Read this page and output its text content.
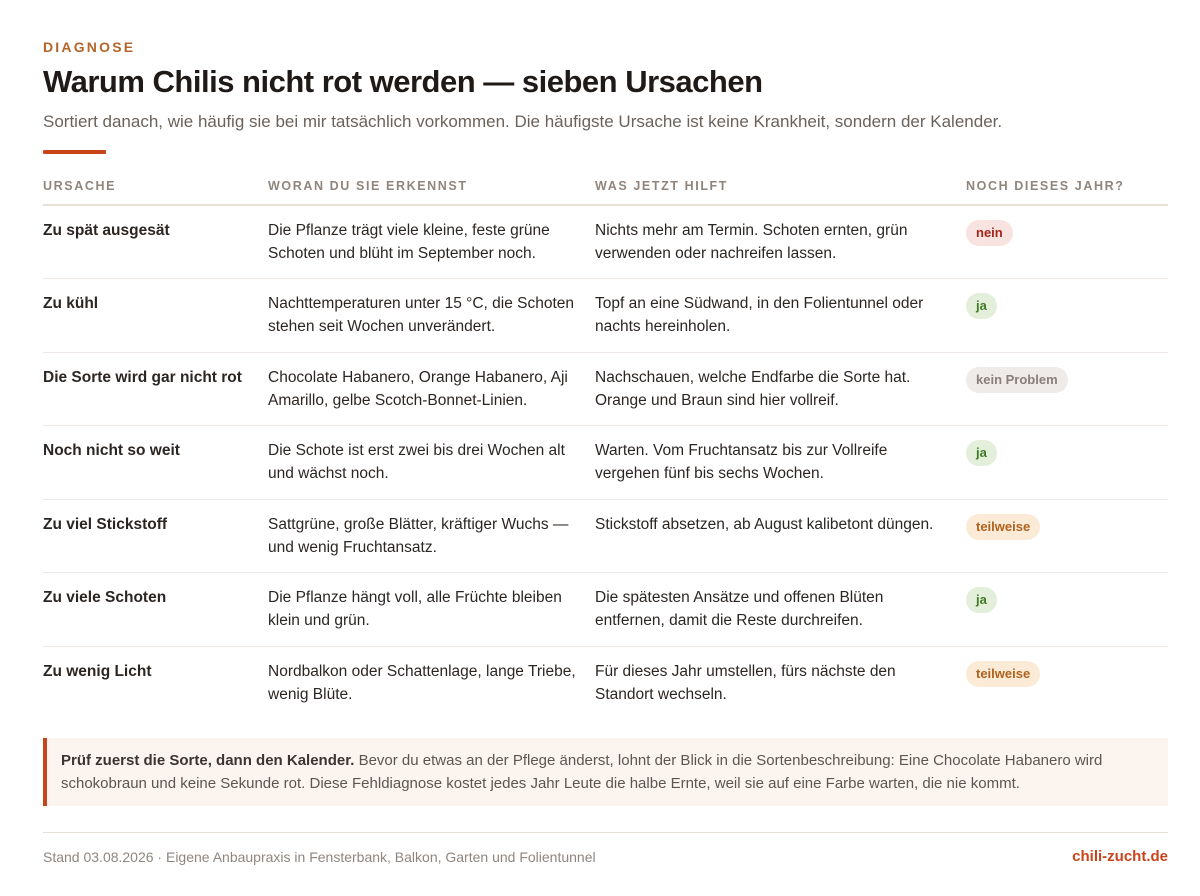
DIAGNOSE
Warum Chilis nicht rot werden — sieben Ursachen

Sortiert danach, wie häufig sie bei mir tatsächlich vorkommen. Die häufigste Ursache ist keine Krankheit, sondern der Kalender.

URSACHE	WORAN DU SIE ERKENNST	WAS JETZT HILFT	NOCH DIESES JAHR?

Zu spät ausgesät	Die Pflanze trägt viele kleine, feste grüne Schoten und blüht im September noch.	Nichts mehr am Termin. Schoten ernten, grün verwenden oder nachreifen lassen.	nein

Zu kühl	Nachttemperaturen unter 15 °C, die Schoten stehen seit Wochen unverändert.	Topf an eine Südwand, in den Folientunnel oder nachts hereinholen.	ja

Die Sorte wird gar nicht rot	Chocolate Habanero, Orange Habanero, Aji Amarillo, gelbe Scotch-Bonnet-Linien.	Nachschauen, welche Endfarbe die Sorte hat. Orange und Braun sind hier vollreif.	kein Problem

Noch nicht so weit	Die Schote ist erst zwei bis drei Wochen alt und wächst noch.	Warten. Vom Fruchtansatz bis zur Vollreife vergehen fünf bis sechs Wochen.	ja

Zu viel Stickstoff	Sattgrüne, große Blätter, kräftiger Wuchs — und wenig Fruchtansatz.	Stickstoff absetzen, ab August kalibetont düngen.	teilweise

Zu viele Schoten	Die Pflanze hängt voll, alle Früchte bleiben klein und grün.	Die spätesten Ansätze und offenen Blüten entfernen, damit die Reste durchreifen.	ja

Zu wenig Licht	Nordbalkon oder Schattenlage, lange Triebe, wenig Blüte.	Für dieses Jahr umstellen, fürs nächste den Standort wechseln.	teilweise
Prüf zuerst die Sorte, dann den Kalender. Bevor du etwas an der Pflege änderst, lohnt der Blick in die Sortenbeschreibung: Eine Chocolate Habanero wird schokobraun und keine Sekunde rot. Diese Fehldiagnose kostet jedes Jahr Leute die halbe Ernte, weil sie auf eine Farbe warten, die nie kommt.
Stand 03.08.2026 · Eigene Anbaupraxis in Fensterbank, Balkon, Garten und Folientunnel	chili-zucht.de
